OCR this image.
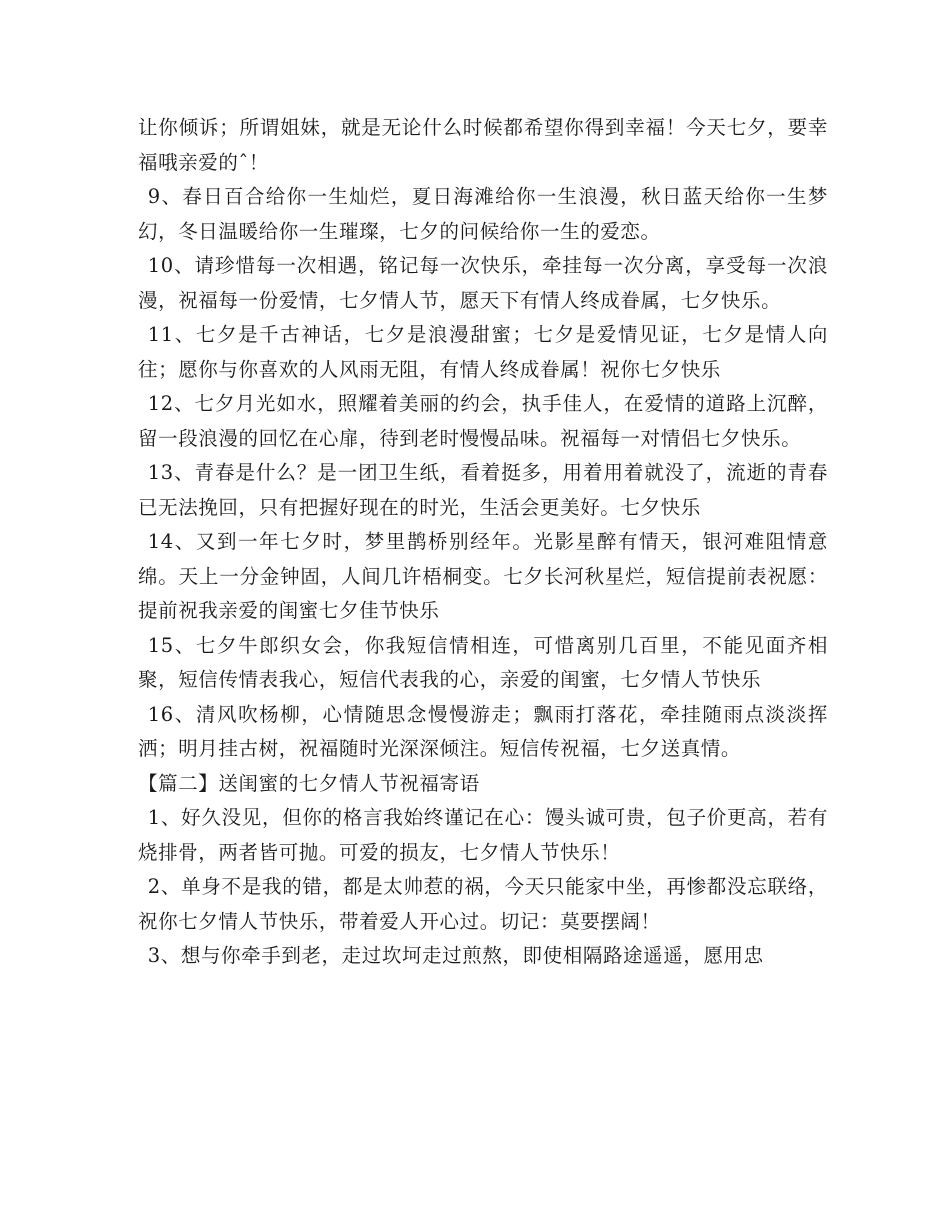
让你倾诉；所谓姐妹，就是无论什么时候都希望你得到幸福！今天七夕，要幸福哦亲爱的ˆ！

9、春日百合给你一生灿烂，夏日海滩给你一生浪漫，秋日蓝天给你一生梦幻，冬日温暖给你一生璀璨，七夕的问候给你一生的爱恋。

10、请珍惜每一次相遇，铭记每一次快乐，牵挂每一次分离，享受每一次浪漫，祝福每一份爱情，七夕情人节，愿天下有情人终成眷属，七夕快乐。

11、七夕是千古神话，七夕是浪漫甜蜜；七夕是爱情见证，七夕是情人向往；愿你与你喜欢的人风雨无阻，有情人终成眷属！祝你七夕快乐

12、七夕月光如水，照耀着美丽的约会，执手佳人，在爱情的道路上沉醉，留一段浪漫的回忆在心扉，待到老时慢慢品味。祝福每一对情侣七夕快乐。

13、青春是什么？是一团卫生纸，看着挺多，用着用着就没了，流逝的青春已无法挽回，只有把握好现在的时光，生活会更美好。七夕快乐

14、又到一年七夕时，梦里鹊桥别经年。光影星醉有情天，银河难阻情意绵。天上一分金钟固，人间几许梧桐变。七夕长河秋星烂，短信提前表祝愿：提前祝我亲爱的闺蜜七夕佳节快乐

15、七夕牛郎织女会，你我短信情相连，可惜离别几百里，不能见面齐相聚，短信传情表我心，短信代表我的心，亲爱的闺蜜，七夕情人节快乐

16、清风吹杨柳，心情随思念慢慢游走；飘雨打落花，牵挂随雨点淡淡挥洒；明月挂古树，祝福随时光深深倾注。短信传祝福，七夕送真情。

【篇二】送闺蜜的七夕情人节祝福寄语

1、好久没见，但你的格言我始终谨记在心：馒头诚可贵，包子价更高，若有烧排骨，两者皆可抛。可爱的损友，七夕情人节快乐！

2、单身不是我的错，都是太帅惹的祸，今天只能家中坐，再惨都没忘联络，祝你七夕情人节快乐，带着爱人开心过。切记：莫要摆阔！

3、想与你牵手到老，走过坎坷走过煎熬，即使相隔路途遥遥，愿用忠
